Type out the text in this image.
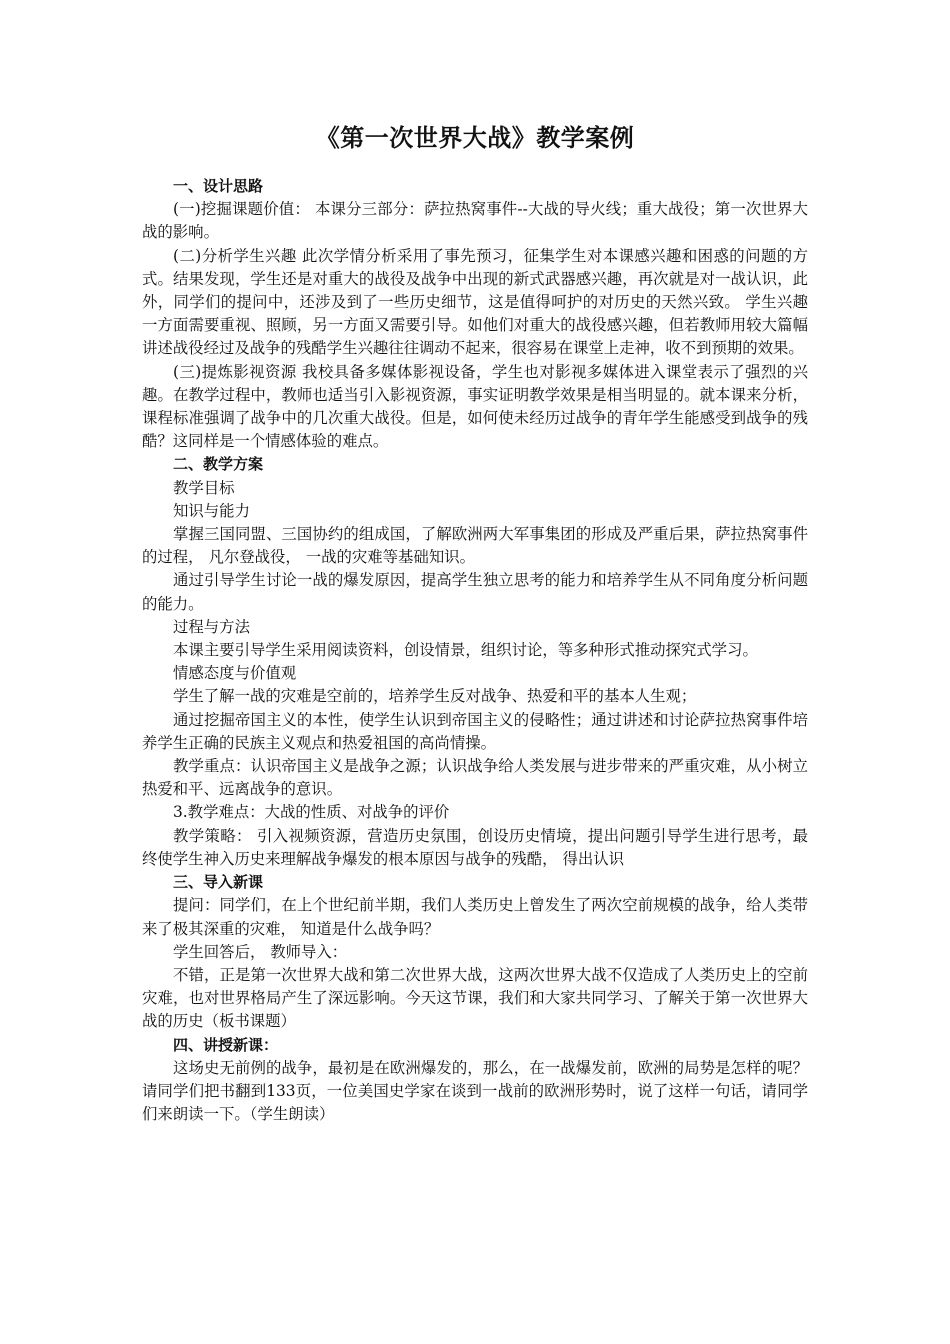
《第一次世界大战》教学案例

一、设计思路

(一)挖掘课题价值： 本课分三部分：萨拉热窝事件--大战的导火线；重大战役；第一次世界大战的影响。

(二)分析学生兴趣 此次学情分析采用了事先预习，征集学生对本课感兴趣和困惑的问题的方式。结果发现，学生还是对重大的战役及战争中出现的新式武器感兴趣，再次就是对一战认识，此外，同学们的提问中，还涉及到了一些历史细节，这是值得呵护的对历史的天然兴致。 学生兴趣一方面需要重视、照顾，另一方面又需要引导。如他们对重大的战役感兴趣，但若教师用较大篇幅讲述战役经过及战争的残酷学生兴趣往往调动不起来，很容易在课堂上走神，收不到预期的效果。

(三)提炼影视资源 我校具备多媒体影视设备，学生也对影视多媒体进入课堂表示了强烈的兴趣。在教学过程中，教师也适当引入影视资源，事实证明教学效果是相当明显的。就本课来分析，课程标准强调了战争中的几次重大战役。但是，如何使未经历过战争的青年学生能感受到战争的残酷？这同样是一个情感体验的难点。

二、教学方案

教学目标

知识与能力

掌握三国同盟、三国协约的组成国，了解欧洲两大军事集团的形成及严重后果，萨拉热窝事件的过程， 凡尔登战役， 一战的灾难等基础知识。

通过引导学生讨论一战的爆发原因，提高学生独立思考的能力和培养学生从不同角度分析问题的能力。

过程与方法

本课主要引导学生采用阅读资料，创设情景，组织讨论，等多种形式推动探究式学习。

情感态度与价值观

学生了解一战的灾难是空前的，培养学生反对战争、热爱和平的基本人生观；

通过挖掘帝国主义的本性，使学生认识到帝国主义的侵略性；通过讲述和讨论萨拉热窝事件培养学生正确的民族主义观点和热爱祖国的高尚情操。

教学重点：认识帝国主义是战争之源；认识战争给人类发展与进步带来的严重灾难，从小树立热爱和平、远离战争的意识。

3.教学难点：大战的性质、对战争的评价

教学策略： 引入视频资源，营造历史氛围，创设历史情境，提出问题引导学生进行思考，最终使学生神入历史来理解战争爆发的根本原因与战争的残酷， 得出认识

三、导入新课

提问：同学们，在上个世纪前半期，我们人类历史上曾发生了两次空前规模的战争，给人类带来了极其深重的灾难， 知道是什么战争吗？

学生回答后， 教师导入：

不错，正是第一次世界大战和第二次世界大战，这两次世界大战不仅造成了人类历史上的空前灾难，也对世界格局产生了深远影响。今天这节课，我们和大家共同学习、了解关于第一次世界大战的历史（板书课题）

四、讲授新课：

这场史无前例的战争，最初是在欧洲爆发的，那么，在一战爆发前，欧洲的局势是怎样的呢？请同学们把书翻到133页，一位美国史学家在谈到一战前的欧洲形势时，说了这样一句话，请同学们来朗读一下。（学生朗读）
